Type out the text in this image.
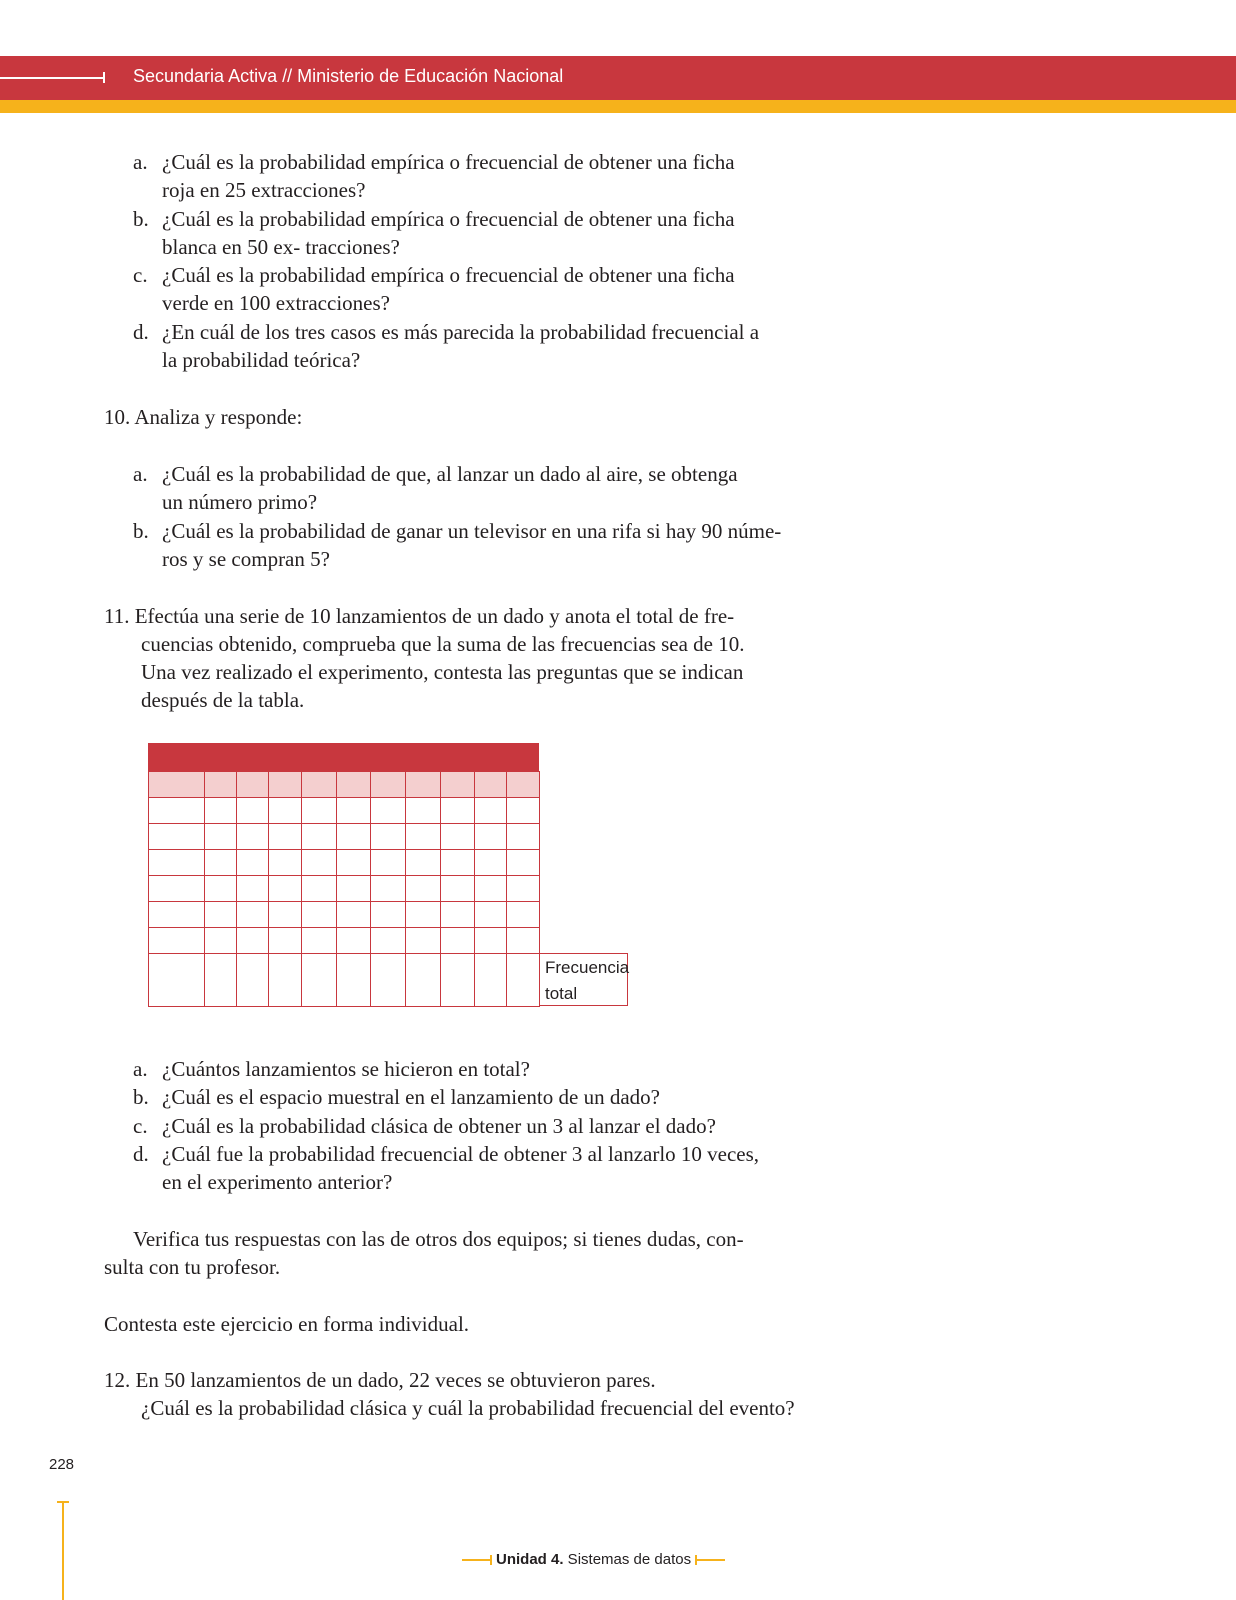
Secundaria Activa // Ministerio de Educación Nacional
a. ¿Cuál es la probabilidad empírica o frecuencial de obtener una ficha
roja en 25 extracciones?
b. ¿Cuál es la probabilidad empírica o frecuencial de obtener una ficha
blanca en 50 ex- tracciones?
c. ¿Cuál es la probabilidad empírica o frecuencial de obtener una ficha
verde en 100 extracciones?
d. ¿En cuál de los tres casos es más parecida la probabilidad frecuencial a
la probabilidad teórica?
10. Analiza y responde:
a. ¿Cuál es la probabilidad de que, al lanzar un dado al aire, se obtenga
un número primo?
b. ¿Cuál es la probabilidad de ganar un televisor en una rifa si hay 90 núme-
ros y se compran 5?
11. Efectúa una serie de 10 lanzamientos de un dado y anota el total de fre-
cuencias obtenido, comprueba que la suma de las frecuencias sea de 10.
Una vez realizado el experimento, contesta las preguntas que se indican
después de la tabla.
Frecuencia
total
a. ¿Cuántos lanzamientos se hicieron en total?
b. ¿Cuál es el espacio muestral en el lanzamiento de un dado?
c. ¿Cuál es la probabilidad clásica de obtener un 3 al lanzar el dado?
d. ¿Cuál fue la probabilidad frecuencial de obtener 3 al lanzarlo 10 veces,
en el experimento anterior?
Verifica tus respuestas con las de otros dos equipos; si tienes dudas, con-
sulta con tu profesor.
Contesta este ejercicio en forma individual.
12. En 50 lanzamientos de un dado, 22 veces se obtuvieron pares.
¿Cuál es la probabilidad clásica y cuál la probabilidad frecuencial del evento?
228
Unidad 4. Sistemas de datos
